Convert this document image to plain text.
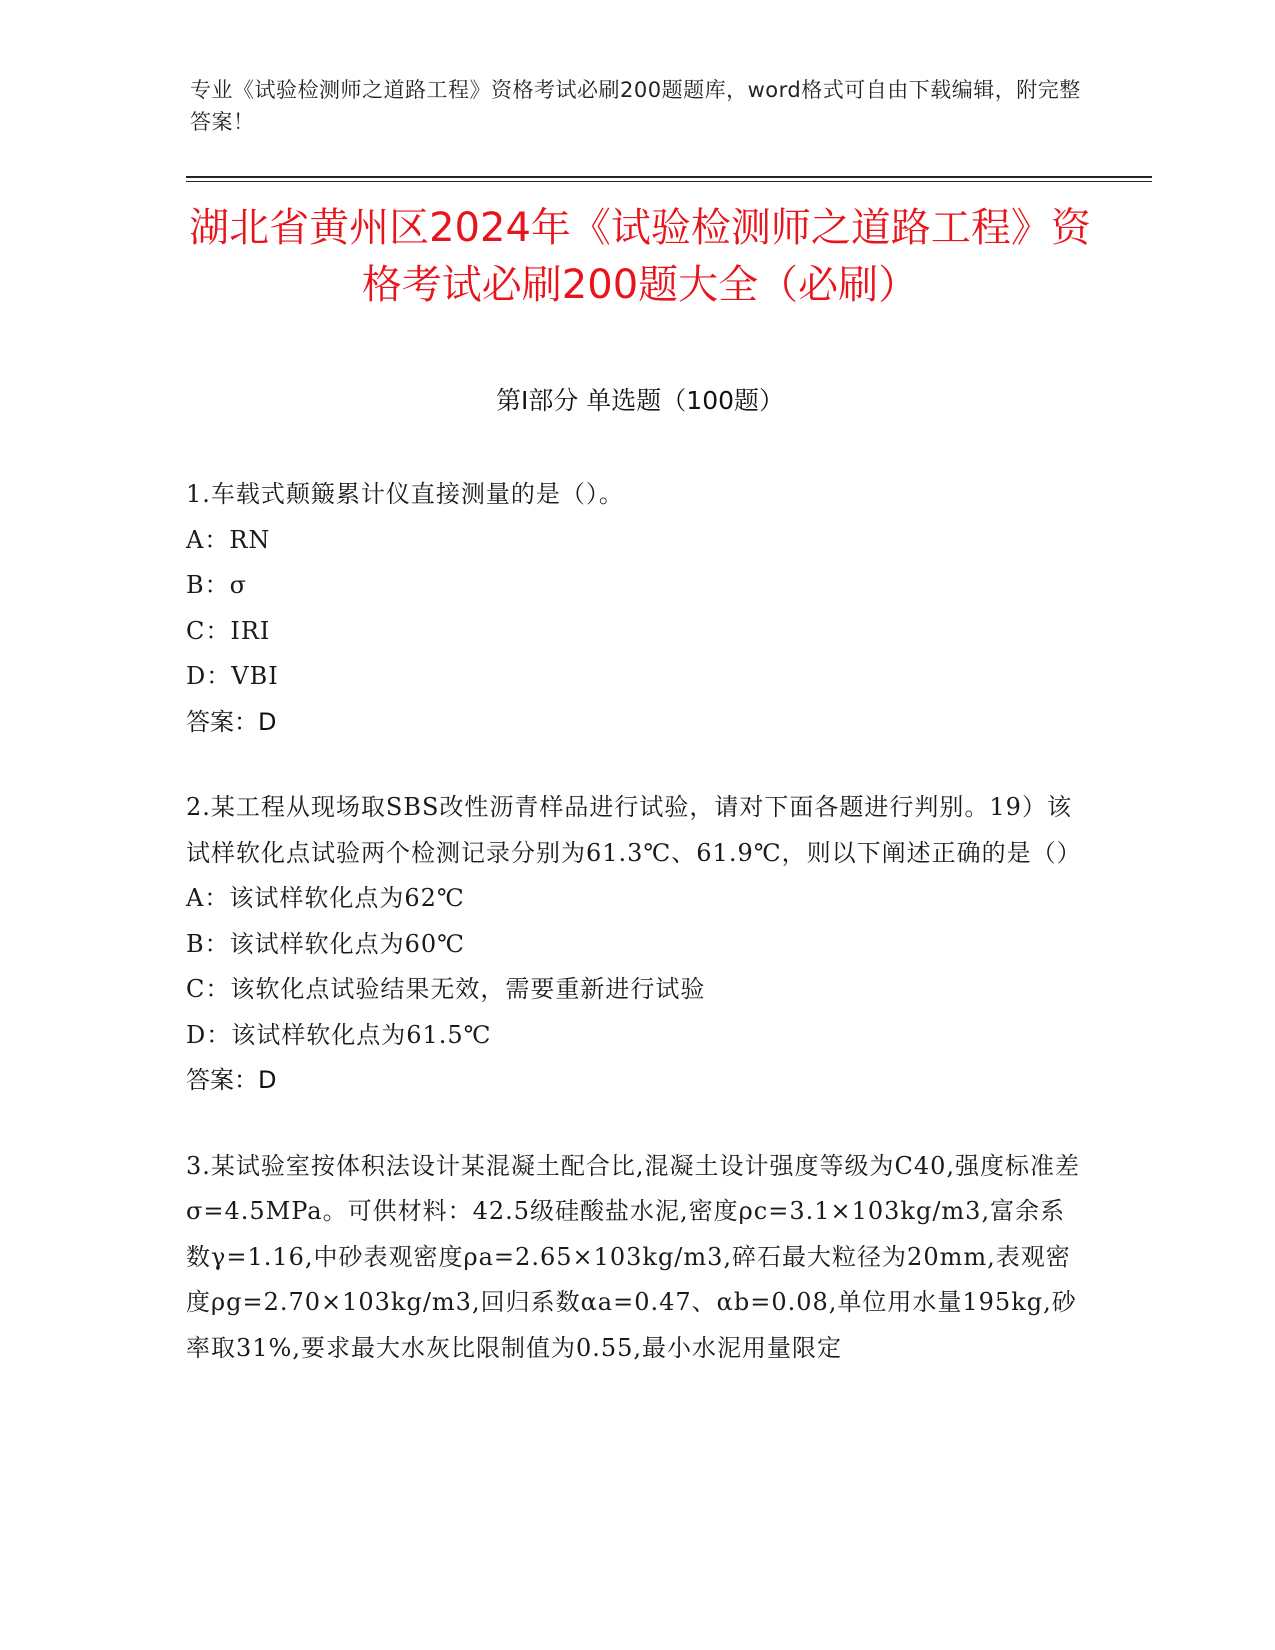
专业《试验检测师之道路工程》资格考试必刷200题题库，word格式可自由下载编辑，附完整答案！
湖北省黄州区2024年《试验检测师之道路工程》资格考试必刷200题大全（必刷）
第Ⅰ部分 单选题（100题）
1.车载式颠簸累计仪直接测量的是（）。
A：RN
B：σ
C：IRI
D：VBI
答案：D
2.某工程从现场取SBS改性沥青样品进行试验，请对下面各题进行判别。19）该试样软化点试验两个检测记录分别为61.3℃、61.9℃，则以下阐述正确的是（）
A：该试样软化点为62℃
B：该试样软化点为60℃
C：该软化点试验结果无效，需要重新进行试验
D：该试样软化点为61.5℃
答案：D
3.某试验室按体积法设计某混凝土配合比,混凝土设计强度等级为C40,强度标准差σ=4.5MPa。可供材料：42.5级硅酸盐水泥,密度ρc=3.1×103kg/m3,富余系数γ=1.16,中砂表观密度ρa=2.65×103kg/m3,碎石最大粒径为20mm,表观密度ρg=2.70×103kg/m3,回归系数αa=0.47、αb=0.08,单位用水量195kg,砂率取31%,要求最大水灰比限制值为0.55,最小水泥用量限定
